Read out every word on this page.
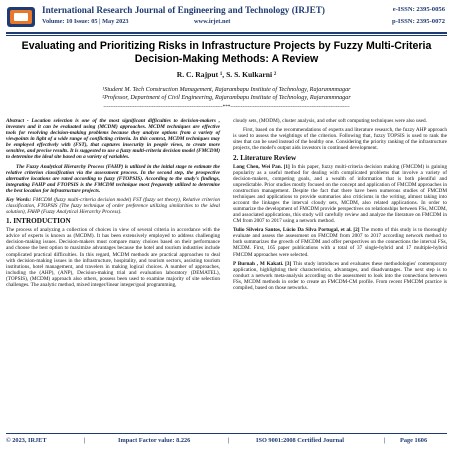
International Research Journal of Engineering and Technology (IRJET)
Volume: 10 Issue: 05 | May 2023	www.irjet.net
e-ISSN: 2395-0056
p-ISSN: 2395-0072
Evaluating and Prioritizing Risks in Infrastructure Projects by Fuzzy Multi-Criteria Decision-Making Methods: A Review
R. C. Rajput ¹, S. S. Kulkarni ²
¹Student M. Tech Construction Management, Rajarambapu Institute of Technology, Rajarammnagar
²Professor, Department of Civil Engineering, Rajarambapu Institute of Technology, Rajarammnagar
---------------------------------------------------------------------***---------------------------------------------------------------------

Abstract - Location selection is one of the most significant difficulties to decision-makers , investors and it can be evaluated using (MCDM) approaches. MCDM techniques are effective tools for resolving decision-making problems because they analyze options from a variety of viewpoints in light of a wide range of conflicting criteria. In this context, MCDM techniques may be employed effectively with (FST), that captures insecurity in people views, to create more sensitive, and precise results. It is suggested to use a fuzzy multi-criteria decision model (FMCDM) to determine the ideal site based on a variety of variables.

The Fuzzy Analytical Hierarchy Process (FAHP) is utilized in the initial stage to estimate the relative criterion classification via the assessment process. In the second step, the prospective alternative locations are rated according to fuzzy (FTOPSIS). According to the study's findings, integrating FAHP and FTOPSIS is the FMCDM technique most frequently utilized to determine the best location for infrastructure projects.

Key Words: FMCDM (fuzzy multi-criteria decision model) FST (fuzzy set theory), Relative criterion classification, FTOPSIS (The fuzzy technique of order preference utilizing similarities to the ideal solution), FAHP (Fuzzy Analytical Hierarchy Process).

1. INTRODUCTION

The process of analyzing a collection of choices in view of several criteria in accordance with the advice of experts is known as (MCDM). It has been extensively employed to address challenging decision-making issues. Decision-makers must compare many choices based on their performance and choose the best option to maximize advantages because the hotel and tourism industries include complicated practical difficulties. In this regard, MCDM methods are practical approaches to deal with decision-making issues in the infrastructure, hospitality, and tourism sectors, assisting tourism institutions, hotel management, and travelers in making logical choices. A number of approaches, including the (AHP), (ANP), Decision-making trial and evaluation laboratory (DEMATEL), (TOPSIS), (MCDM) approach also others, possess been used to examine majority of site selection challenges. The analytic method, mixed integer/linear integer/goal programming,

cloudy sets, (MODM), cluster analysis, and other soft computing techniques were also used.

First, based on the recommendations of experts and literature research, the fuzzy AHP approach is used to assess the weightings of the criterion. Following that, fuzzy TOPSIS is used to rank the sites that can be used instead of the healthy one. Considering the priority ranking of the infrastructure projects, the model's output aids investors in continued development.

2. Literature Review

Long Chen, Wei Pan. [1] In this paper, fuzzy multi-criteria decision making (FMCDM) is gaining popularity as a useful method for dealing with complicated problems that involve a variety of decision-makers, competing goals, and a wealth of information that is both plentiful and unpredictable. Prior studies mostly focused on the concept and application of FMCDM approaches in construction management. Despite the fact that there have been numerous studies of FMCDM techniques and applications to provide summaries also criticisms in the writing, almost taking into account the linkages the interval cloudy sets, MCDM, also related applications. In order to summarize the development of FMCDM provide perspectives on relationships between FSs, MCDM, and associated applications, this study will carefully review and analyze the literature on FMCDM in CM from 2007 to 2017 using a network method.

Tulio Silveira Santos, Lúcio Da Silva Portugal, et al. [2] The motto of this study is to thoroughly evaluate and assess the assessment on FMCDM from 2007 to 2017 according network method to both summarizes the growth of FMCDM and offer perspectives on the connections the interval FSs, MCDM. First, 165 paper publications with a total of 37 single-hybrid and 17 multiple-hybrid FMCDM approaches were selected.

P Burnah , M Kakati. [3] This study introduces and evaluates these methodologies' contemporary application, highlighting their characteristics, advantages, and disadvantages. The next step is to conduct a network meta-analysis according on the assessment to look into the connections between FSs, MCDM methods in order to create an FMCDM-CM profile. From recent FMCDM practice is compiled, based on those networks.

© 2023, IRJET	|	Impact Factor value: 8.226	|	ISO 9001:2008 Certified Journal	| Page 1606
